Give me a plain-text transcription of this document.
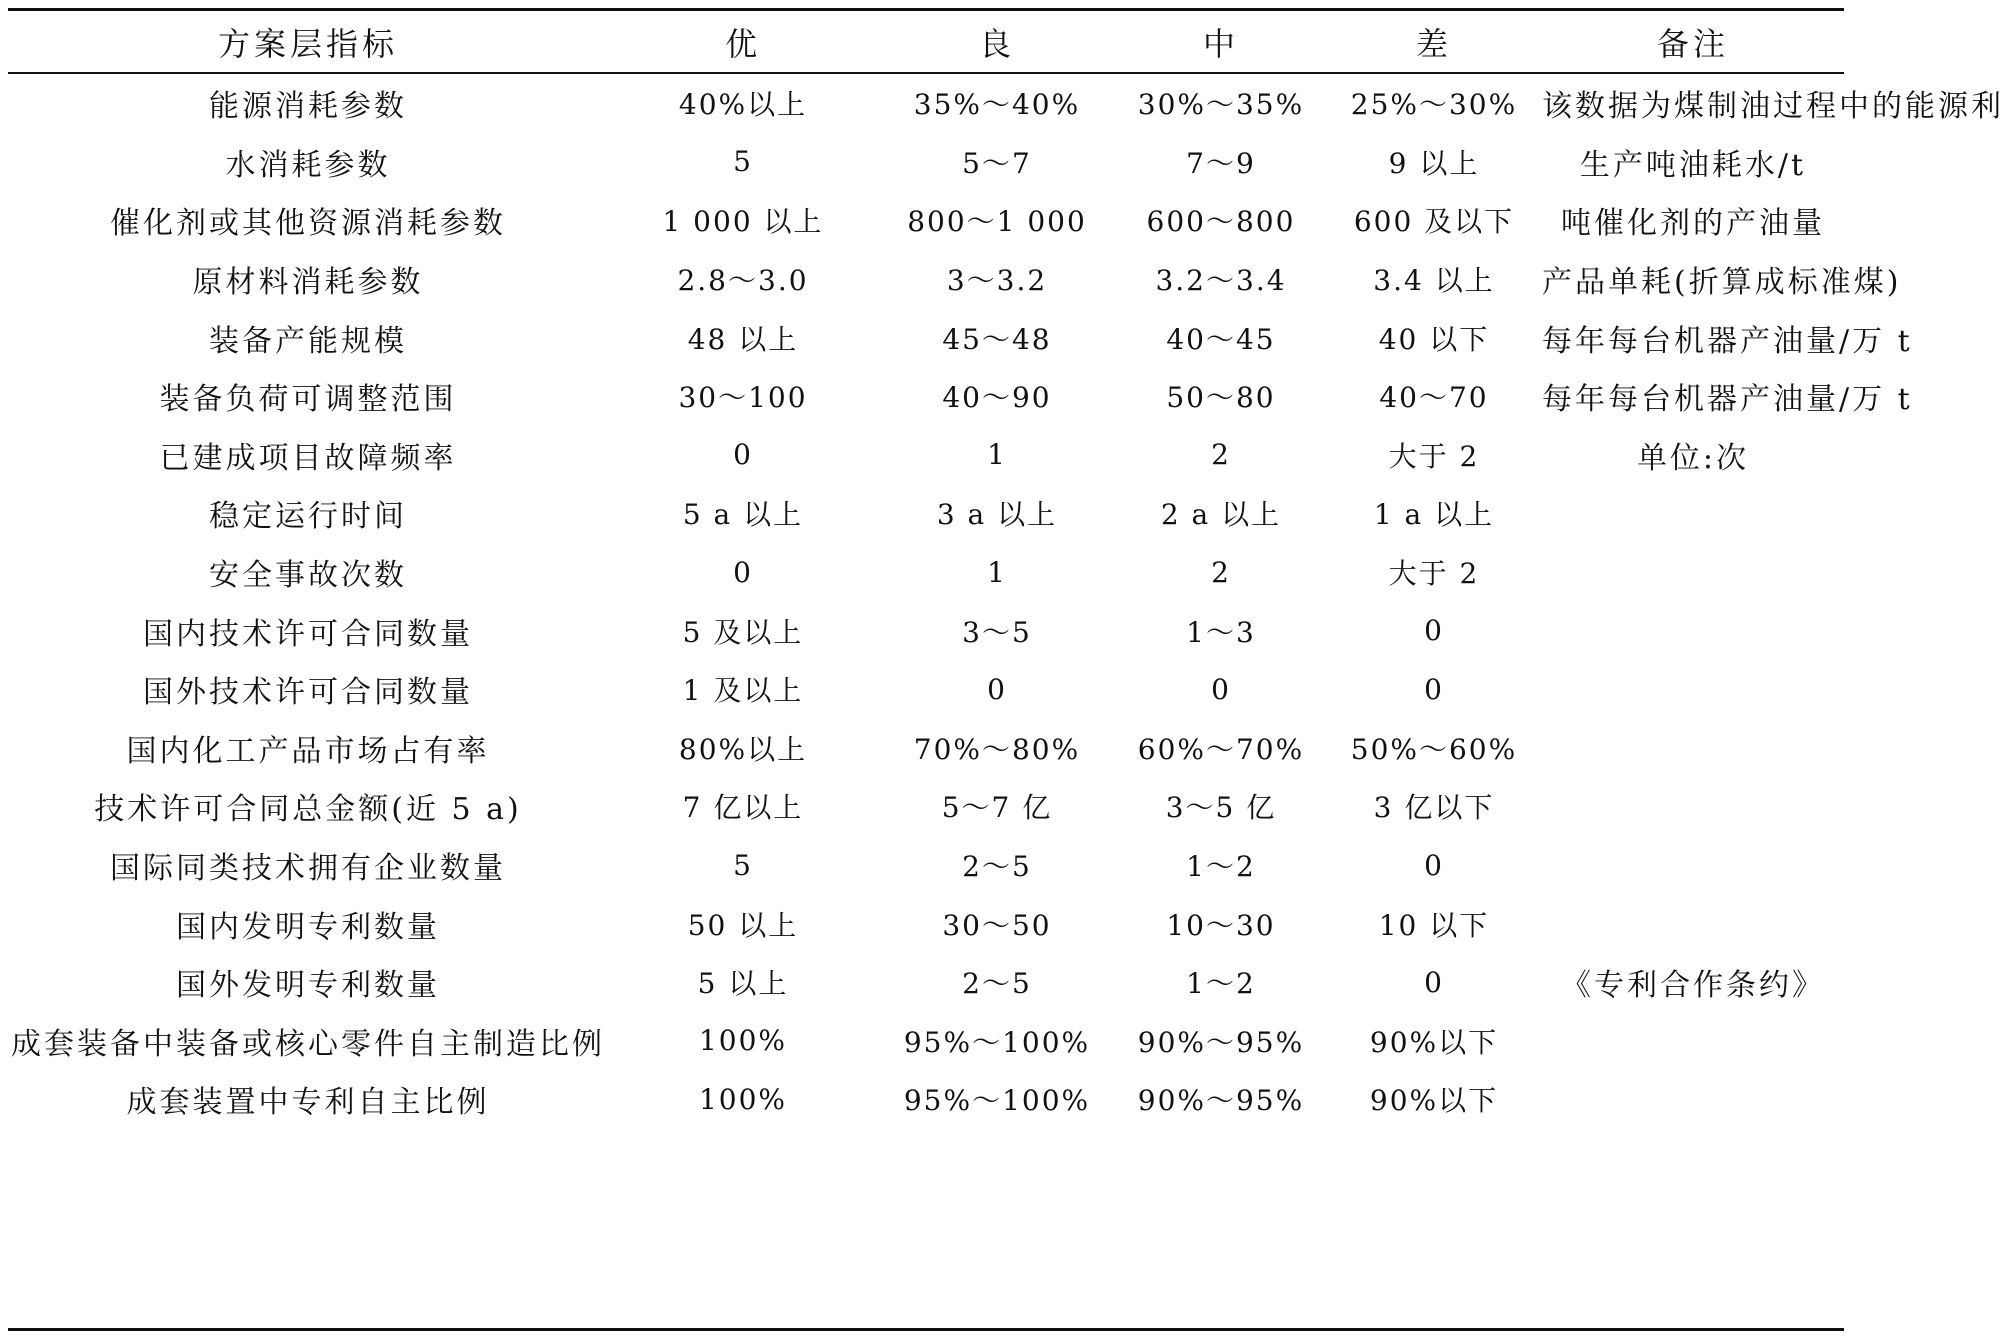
方案层指标	优	良	中	差	备注
能源消耗参数	40%以上	35%～40%	30%～35%	25%～30% 该数据为煤制油过程中的能源利
水消耗参数	5	5～7	7～9	9 以上	生产吨油耗水/t
催化剂或其他资源消耗参数	1 000 以上	800～1 000	600～800	600 及以下	吨催化剂的产油量
原材料消耗参数	2.8～3.0	3～3.2	3.2～3.4	3.4 以上	产品单耗(折算成标准煤)
装备产能规模	48 以上	45～48	40～45	40 以下	每年每台机器产油量/万 t
装备负荷可调整范围	30～100	40～90	50～80	40～70	每年每台机器产油量/万 t
已建成项目故障频率	0	1	2	大于 2	单位:次
稳定运行时间	5 a 以上	3 a 以上	2 a 以上	1 a 以上
安全事故次数	0	1	2	大于 2
国内技术许可合同数量	5 及以上	3～5	1～3	0
国外技术许可合同数量	1 及以上	0	0	0
国内化工产品市场占有率	80%以上	70%～80%	60%～70%	50%～60%
技术许可合同总金额(近 5 a)	7 亿以上	5～7 亿	3～5 亿	3 亿以下
国际同类技术拥有企业数量	5	2～5	1～2	0
国内发明专利数量	50 以上	30～50	10～30	10 以下
国外发明专利数量	5 以上	2～5	1～2	0	《专利合作条约》
成套装备中装备或核心零件自主制造比例	100%	95%～100%	90%～95%	90%以下
成套装置中专利自主比例	100%	95%～100%	90%～95%	90%以下
